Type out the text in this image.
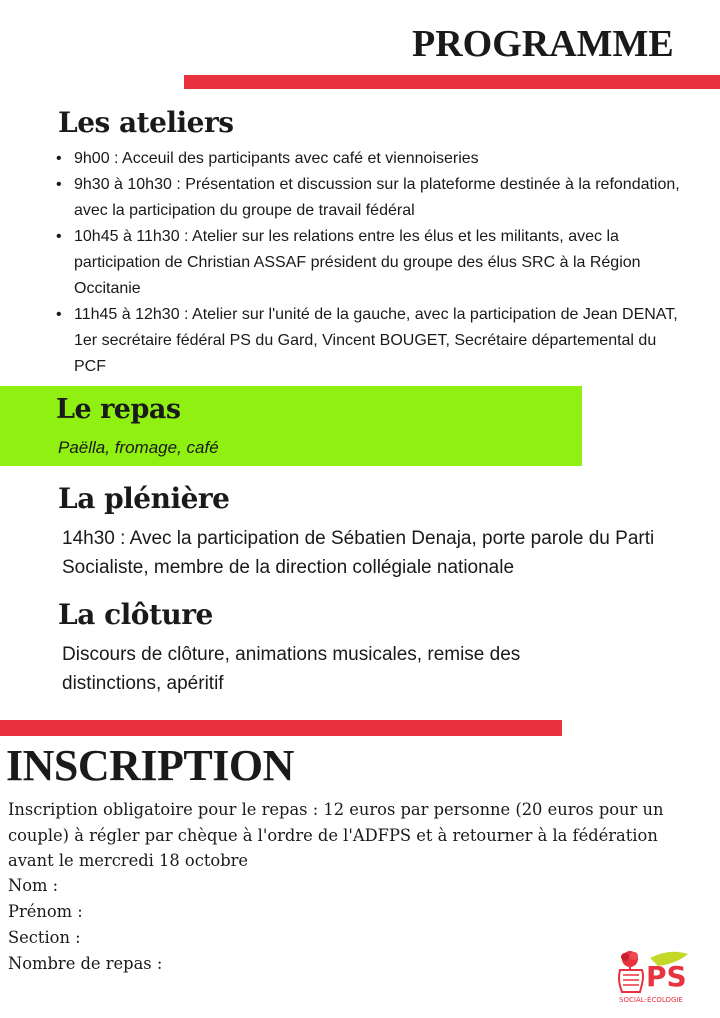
PROGRAMME
Les ateliers
• 9h00 : Acceuil des participants avec café et viennoiseries
• 9h30 à 10h30 : Présentation et discussion sur la plateforme destinée à la refondation, avec la participation du groupe de travail fédéral
• 10h45 à 11h30 : Atelier sur les relations entre les élus et les militants, avec la participation de Christian ASSAF président du groupe des élus SRC à la Région Occitanie
• 11h45 à 12h30 : Atelier sur l'unité de la gauche, avec la participation de Jean DENAT, 1er secrétaire fédéral PS du Gard, Vincent BOUGET, Secrétaire départemental du PCF
Le repas
Paëlla, fromage, café
La plénière
14h30 : Avec la participation de Sébatien Denaja, porte parole du Parti Socialiste, membre de la direction collégiale nationale
La clôture
Discours de clôture, animations musicales, remise des distinctions, apéritif
INSCRIPTION
Inscription obligatoire pour le repas : 12 euros par personne (20 euros pour un couple) à régler par chèque à l'ordre de l'ADFPS et à retourner à la fédération avant le mercredi 18 octobre
Nom :
Prénom :
Section :
Nombre de repas :	PS
SOCIAL-ÉCOLOGIE
